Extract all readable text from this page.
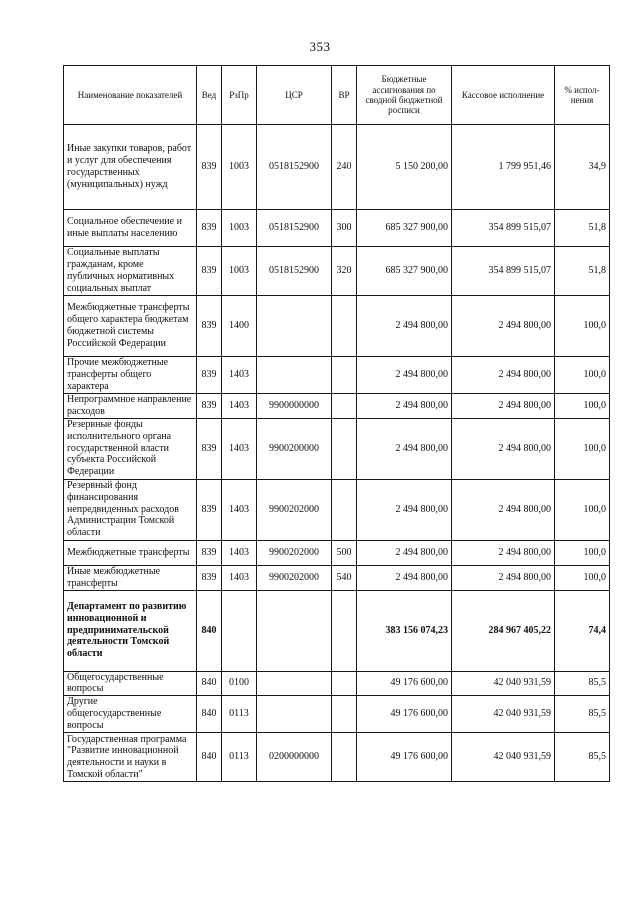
353
Наименование показателей	Вед	РзПр	ЦСР	ВР	Бюджетные ассигнования по сводной бюджетной росписи	Кассовое исполнение	% испол-нения
Иные закупки товаров, работ и услуг для обеспечения государственных (муниципальных) нужд	839	1003	0518152900	240	5 150 200,00	1 799 951,46	34,9
Социальное обеспечение и иные выплаты населению	839	1003	0518152900	300	685 327 900,00	354 899 515,07	51,8
Социальные выплаты гражданам, кроме публичных нормативных социальных выплат	839	1003	0518152900	320	685 327 900,00	354 899 515,07	51,8
Межбюджетные трансферты общего характера бюджетам бюджетной системы Российской Федерации	839	1400			2 494 800,00	2 494 800,00	100,0
Прочие межбюджетные трансферты общего характера	839	1403			2 494 800,00	2 494 800,00	100,0
Непрограммное направление расходов	839	1403	9900000000		2 494 800,00	2 494 800,00	100,0
Резервные фонды исполнительного органа государственной власти субъекта Российской Федерации	839	1403	9900200000		2 494 800,00	2 494 800,00	100,0
Резервный фонд финансирования непредвиденных расходов Администрации Томской области	839	1403	9900202000		2 494 800,00	2 494 800,00	100,0
Межбюджетные трансферты	839	1403	9900202000	500	2 494 800,00	2 494 800,00	100,0
Иные межбюджетные трансферты	839	1403	9900202000	540	2 494 800,00	2 494 800,00	100,0
Департамент по развитию инновационной и предпринимательской деятельности Томской области	840				383 156 074,23	284 967 405,22	74,4
Общегосударственные вопросы	840	0100			49 176 600,00	42 040 931,59	85,5
Другие общегосударственные вопросы	840	0113			49 176 600,00	42 040 931,59	85,5
Государственная программа "Развитие инновационной деятельности и науки в Томской области"	840	0113	0200000000		49 176 600,00	42 040 931,59	85,5
